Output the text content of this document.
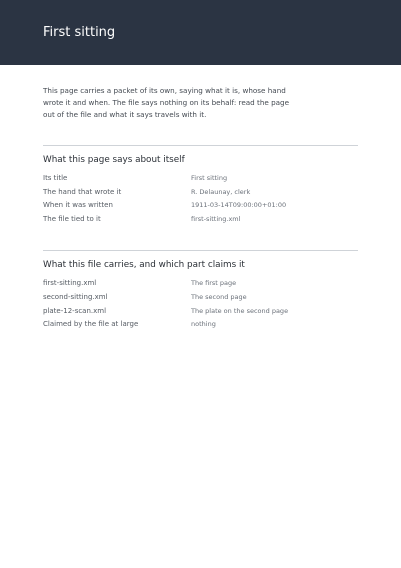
First sitting

This page carries a packet of its own, saying what it is, whose hand wrote it and when. The file says nothing on its behalf: read the page out of the file and what it says travels with it.

What this page says about itself
Its title	First sitting
The hand that wrote it	R. Delaunay, clerk
When it was written	1911-03-14T09:00:00+01:00
The file tied to it	first-sitting.xml
What this file carries, and which part claims it
first-sitting.xml	The first page
second-sitting.xml	The second page
plate-12-scan.xml	The plate on the second page
Claimed by the file at large	nothing
